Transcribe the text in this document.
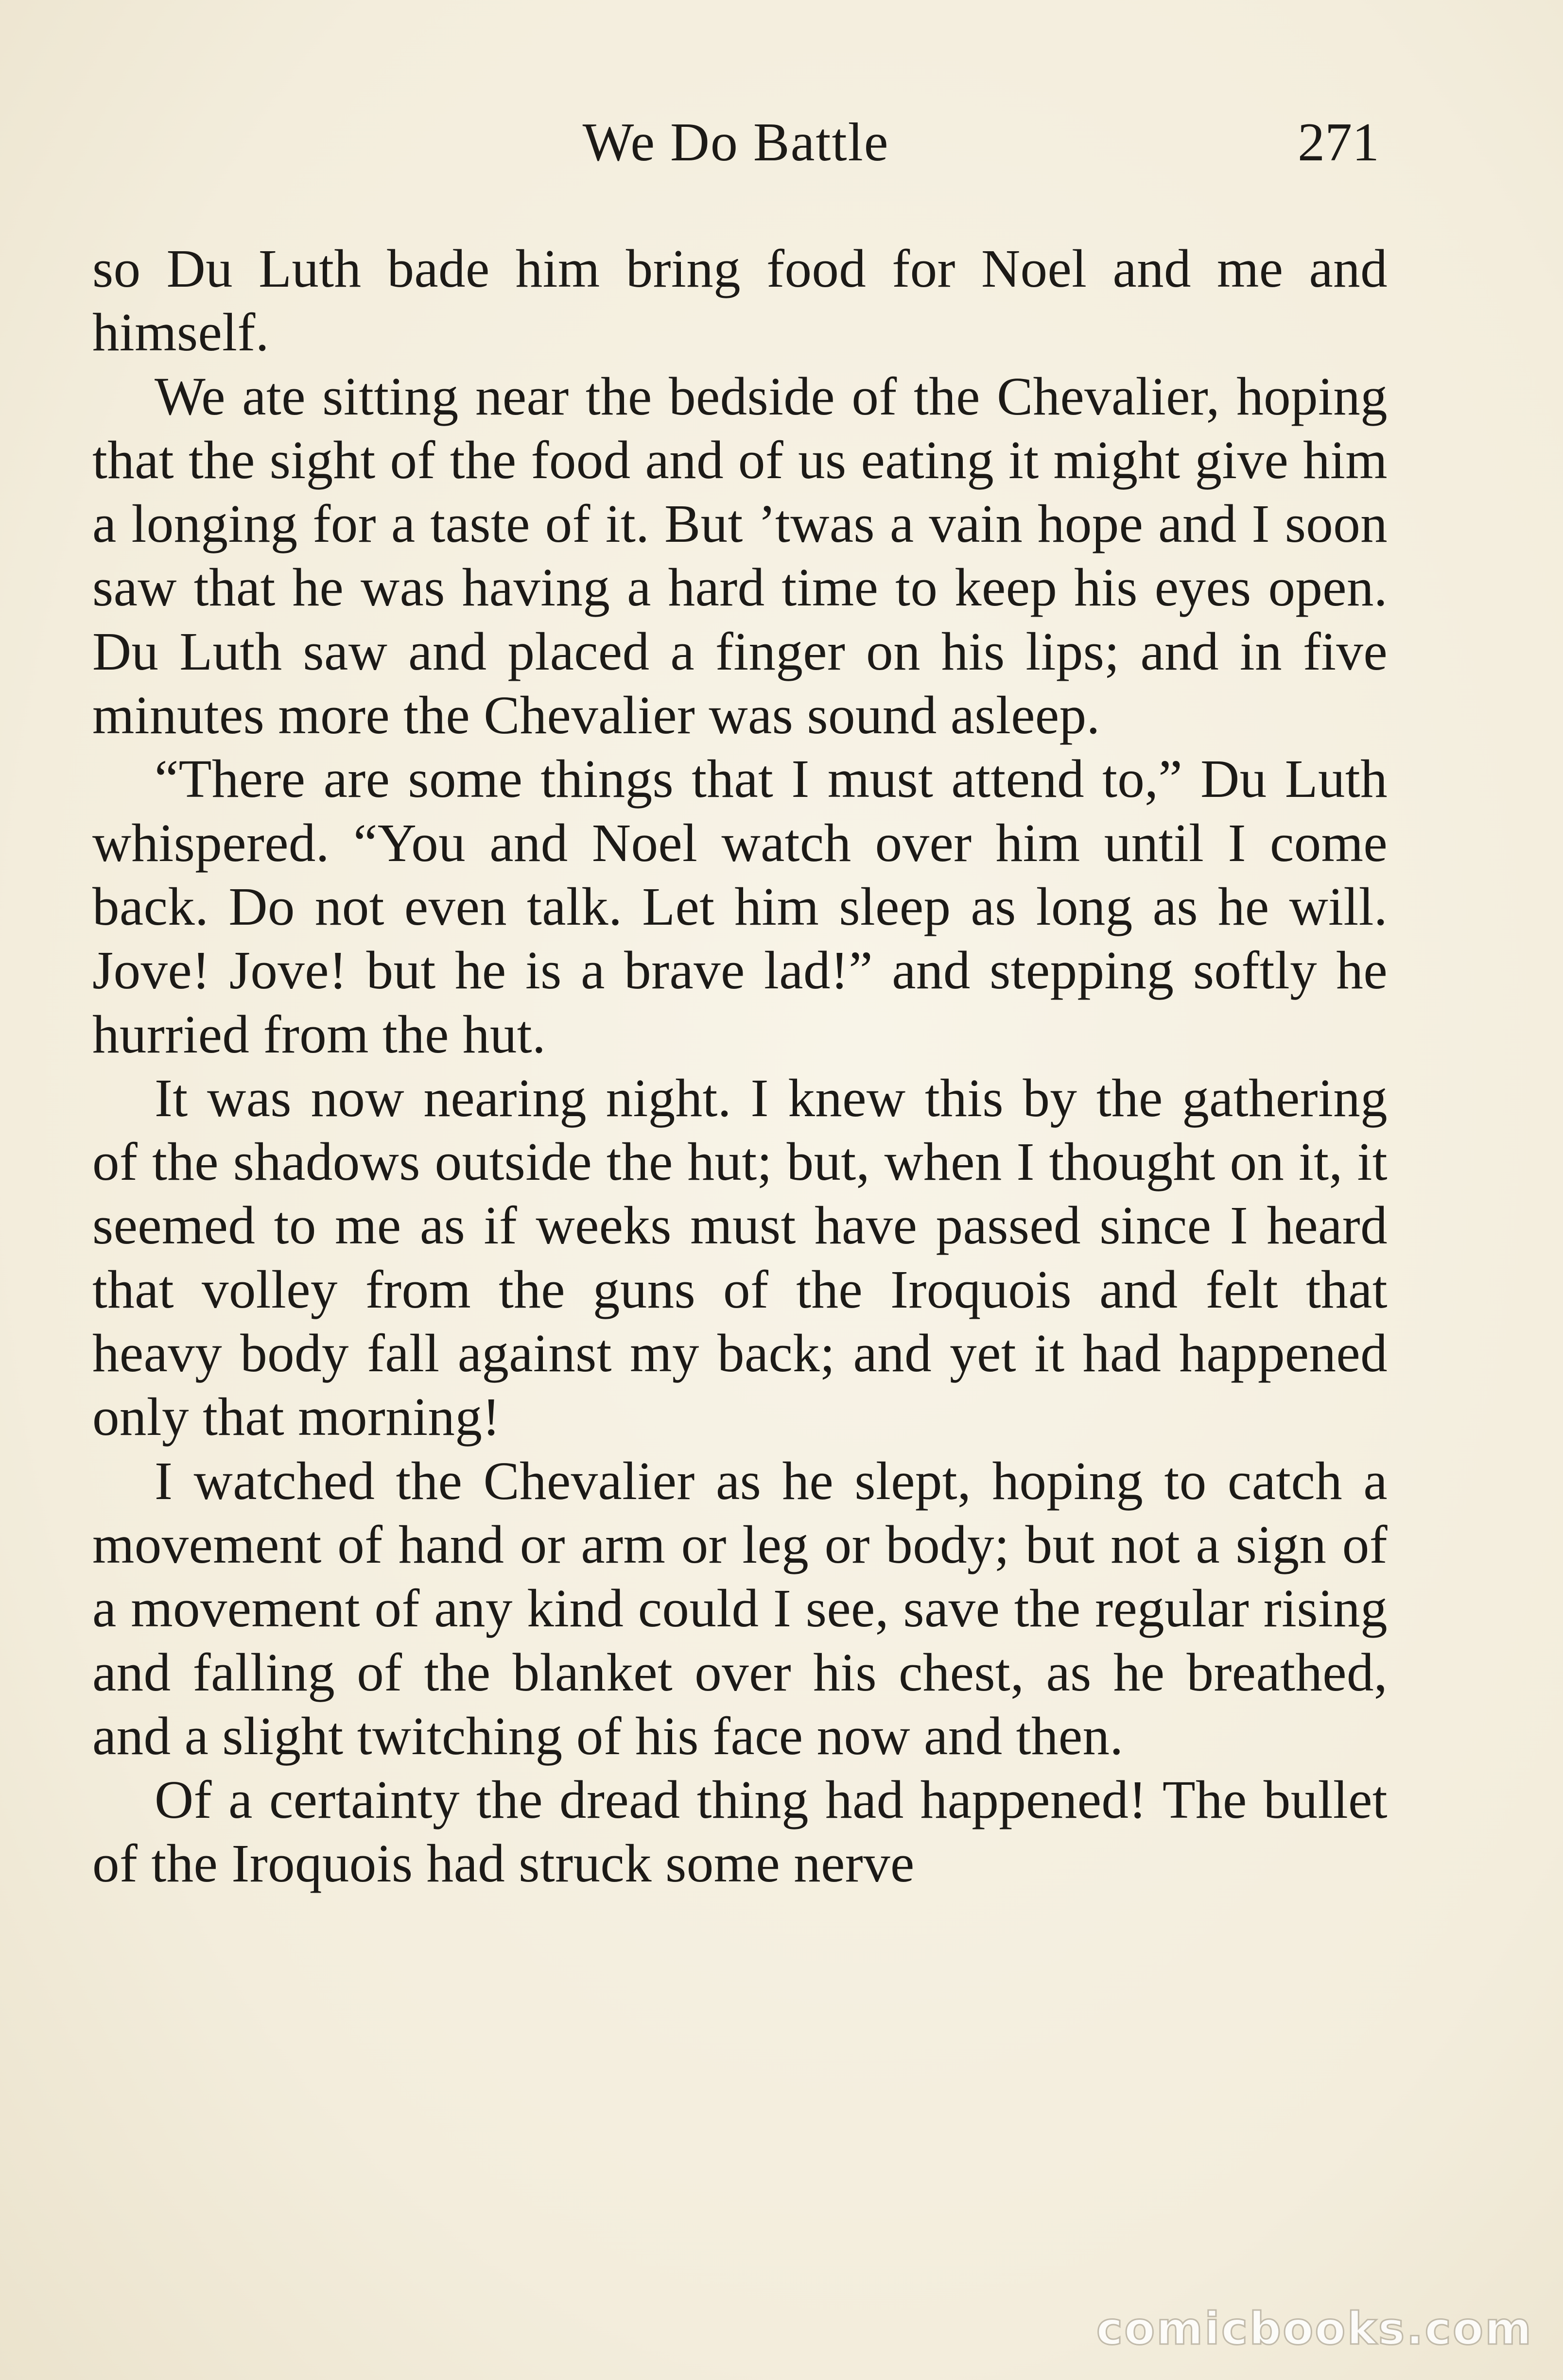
We Do Battle	271

so Du Luth bade him bring food for Noel and me and himself.

We ate sitting near the bedside of the Chevalier, hoping that the sight of the food and of us eating it might give him a longing for a taste of it. But ’twas a vain hope and I soon saw that he was having a hard time to keep his eyes open. Du Luth saw and placed a finger on his lips; and in five minutes more the Chevalier was sound asleep.

“There are some things that I must attend to,” Du Luth whispered. “You and Noel watch over him until I come back. Do not even talk. Let him sleep as long as he will. Jove! Jove! but he is a brave lad!” and stepping softly he hurried from the hut.

It was now nearing night. I knew this by the gathering of the shadows outside the hut; but, when I thought on it, it seemed to me as if weeks must have passed since I heard that volley from the guns of the Iroquois and felt that heavy body fall against my back; and yet it had happened only that morning!

I watched the Chevalier as he slept, hoping to catch a movement of hand or arm or leg or body; but not a sign of a movement of any kind could I see, save the regular rising and falling of the blanket over his chest, as he breathed, and a slight twitching of his face now and then.

Of a certainty the dread thing had happened! The bullet of the Iroquois had struck some nerve

comicbooks.com
